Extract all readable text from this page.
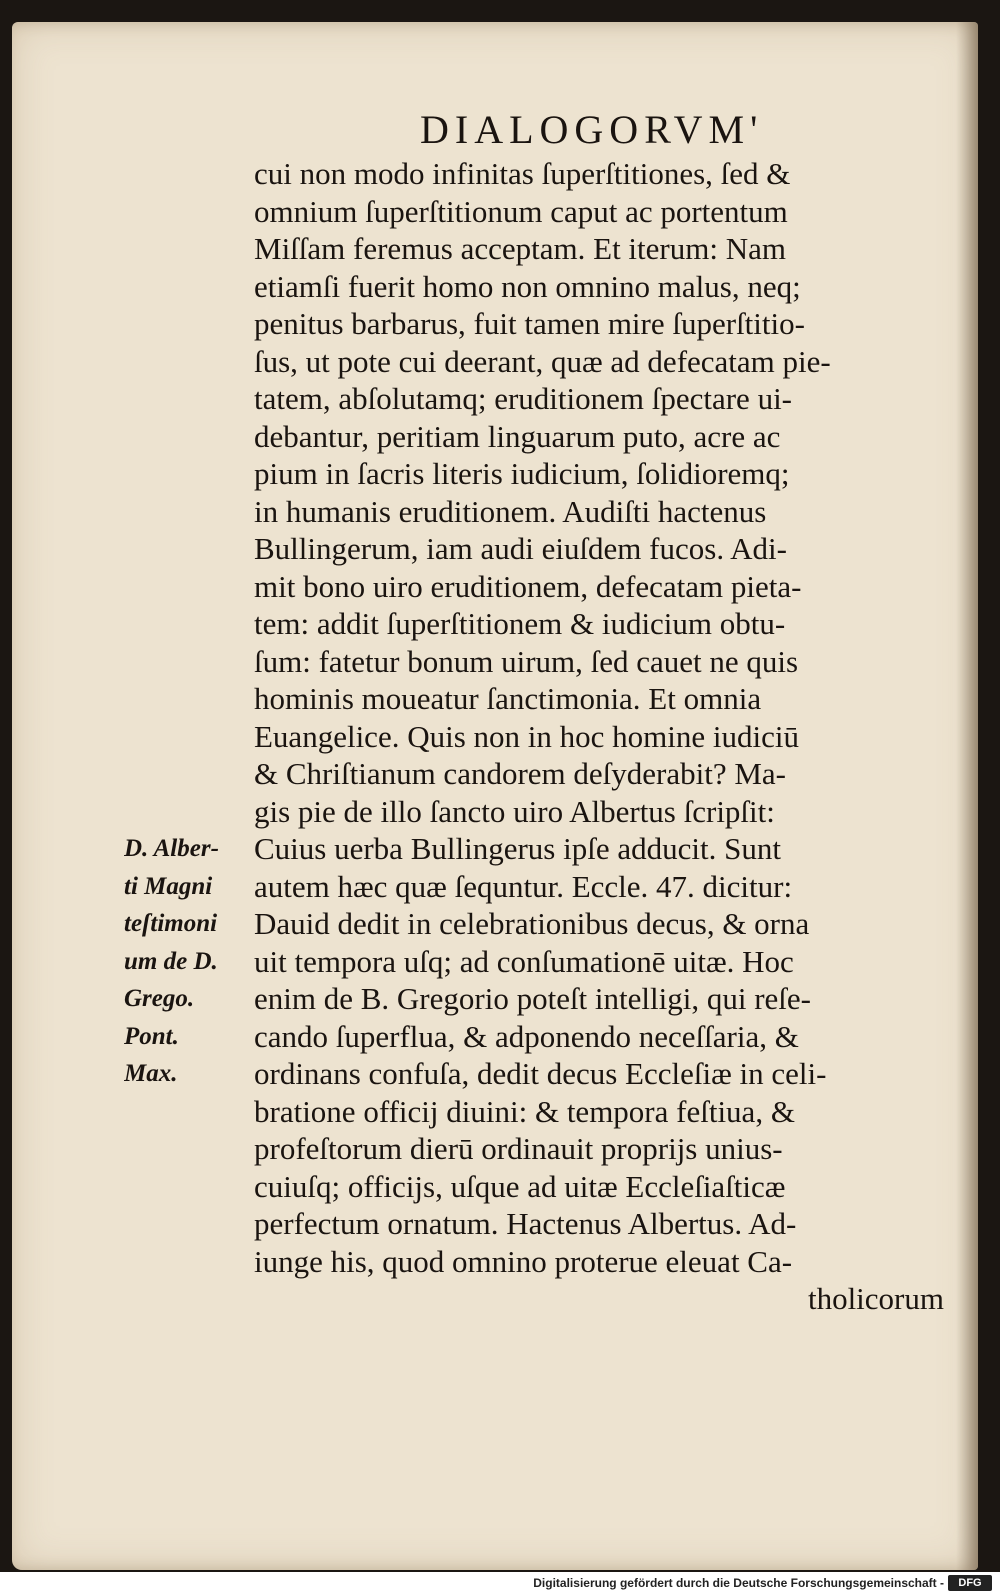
DIALOGORVM'
cui non modo infinitas ſuperſtitiones, ſed &
omnium ſuperſtitionum caput ac portentum
Miſſam feremus acceptam. Et iterum: Nam
etiamſi fuerit homo non omnino malus, neq;
penitus barbarus, fuit tamen mire ſuperſtitio-
ſus, ut pote cui deerant, quæ ad defecatam pie-
tatem, abſolutamq; eruditionem ſpectare ui-
debantur, peritiam linguarum puto, acre ac
pium in ſacris literis iudicium, ſolidioremq;
in humanis eruditionem. Audiſti hactenus
Bullingerum, iam audi eiuſdem fucos. Adi-
mit bono uiro eruditionem, defecatam pieta-
tem: addit ſuperſtitionem & iudicium obtu-
ſum: fatetur bonum uirum, ſed cauet ne quis
hominis moueatur ſanctimonia. Et omnia
Euangelice. Quis non in hoc homine iudiciū
& Chriſtianum candorem deſyderabit? Ma-
gis pie de illo ſancto uiro Albertus ſcripſit:
Cuius uerba Bullingerus ipſe adducit. Sunt
autem hæc quæ ſequntur. Eccle. 47. dicitur:
Dauid dedit in celebrationibus decus, & orna
uit tempora uſq; ad conſumationē uitæ. Hoc
enim de B. Gregorio poteſt intelligi, qui reſe-
cando ſuperflua, & adponendo neceſſaria, &
ordinans confuſa, dedit decus Eccleſiæ in celi-
bratione officij diuini: & tempora feſtiua, &
profeſtorum dierū ordinauit proprijs unius-
cuiuſq; officijs, uſque ad uitæ Eccleſiaſticæ
perfectum ornatum. Hactenus Albertus. Ad-
iunge his, quod omnino proterue eleuat Ca-
tholicorum
D. Alber-
ti Magni
teſtimoni
um de D.
Grego.
Pont.
Max.
Digitalisierung gefördert durch die Deutsche Forschungsgemeinschaft -	DFG
